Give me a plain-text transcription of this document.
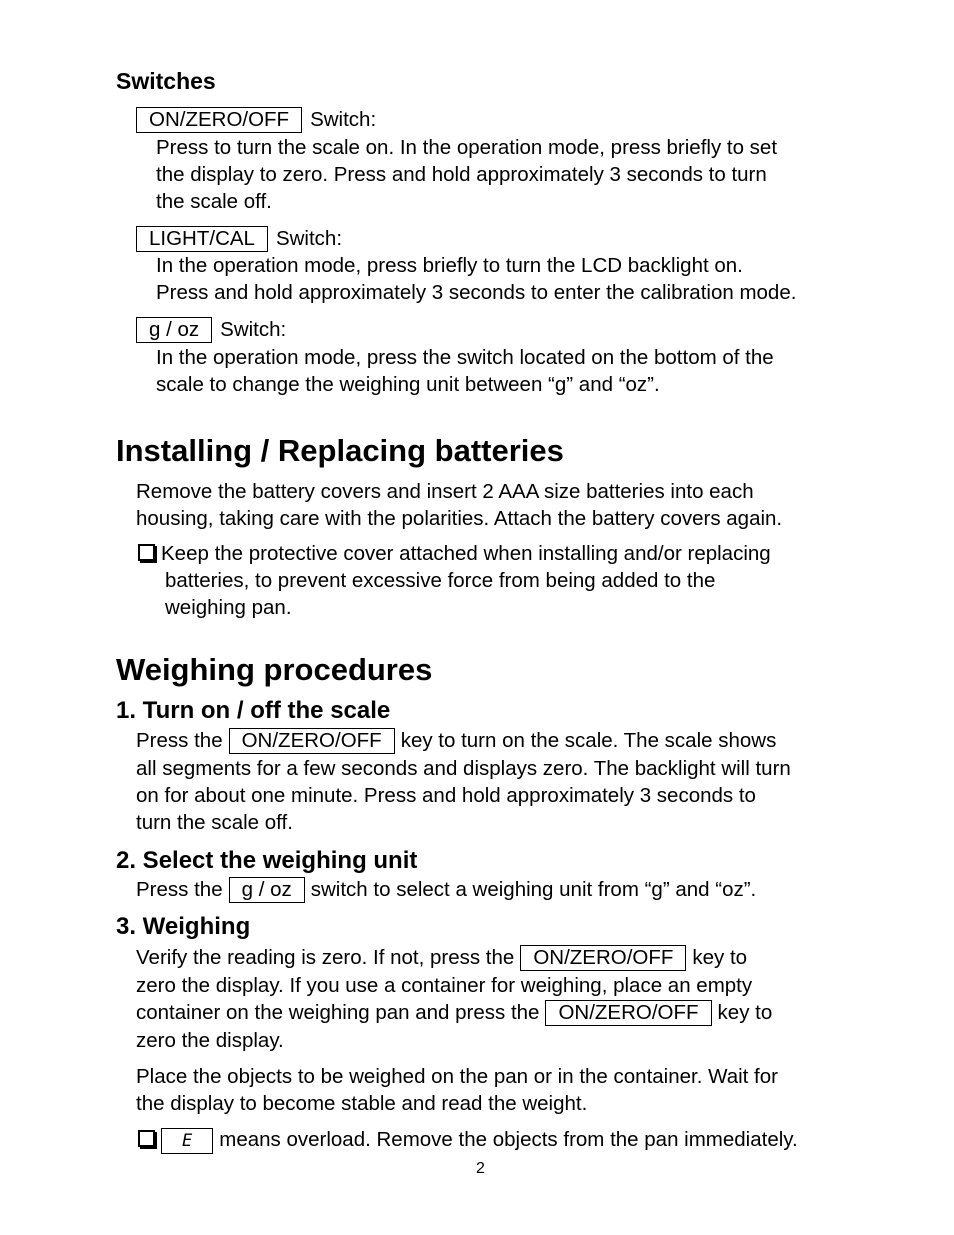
Switches
ON/ZERO/OFF Switch:
Press to turn the scale on. In the operation mode, press briefly to set
the display to zero. Press and hold approximately 3 seconds to turn
the scale off.
LIGHT/CAL Switch:
In the operation mode, press briefly to turn the LCD backlight on.
Press and hold approximately 3 seconds to enter the calibration mode.
g / oz Switch:
In the operation mode, press the switch located on the bottom of the
scale to change the weighing unit between “g” and “oz”.
Installing / Replacing batteries
Remove the battery covers and insert 2 AAA size batteries into each
housing, taking care with the polarities. Attach the battery covers again.
Keep the protective cover attached when installing and/or replacing
batteries, to prevent excessive force from being added to the
weighing pan.
Weighing procedures
1. Turn on / off the scale
Press the ON/ZERO/OFF key to turn on the scale. The scale shows
all segments for a few seconds and displays zero. The backlight will turn
on for about one minute. Press and hold approximately 3 seconds to
turn the scale off.
2. Select the weighing unit
Press the g / oz switch to select a weighing unit from “g” and “oz”.
3. Weighing
Verify the reading is zero. If not, press the ON/ZERO/OFF key to
zero the display. If you use a container for weighing, place an empty
container on the weighing pan and press the ON/ZERO/OFF key to
zero the display.
Place the objects to be weighed on the pan or in the container. Wait for
the display to become stable and read the weight.
E means overload. Remove the objects from the pan immediately.
2
